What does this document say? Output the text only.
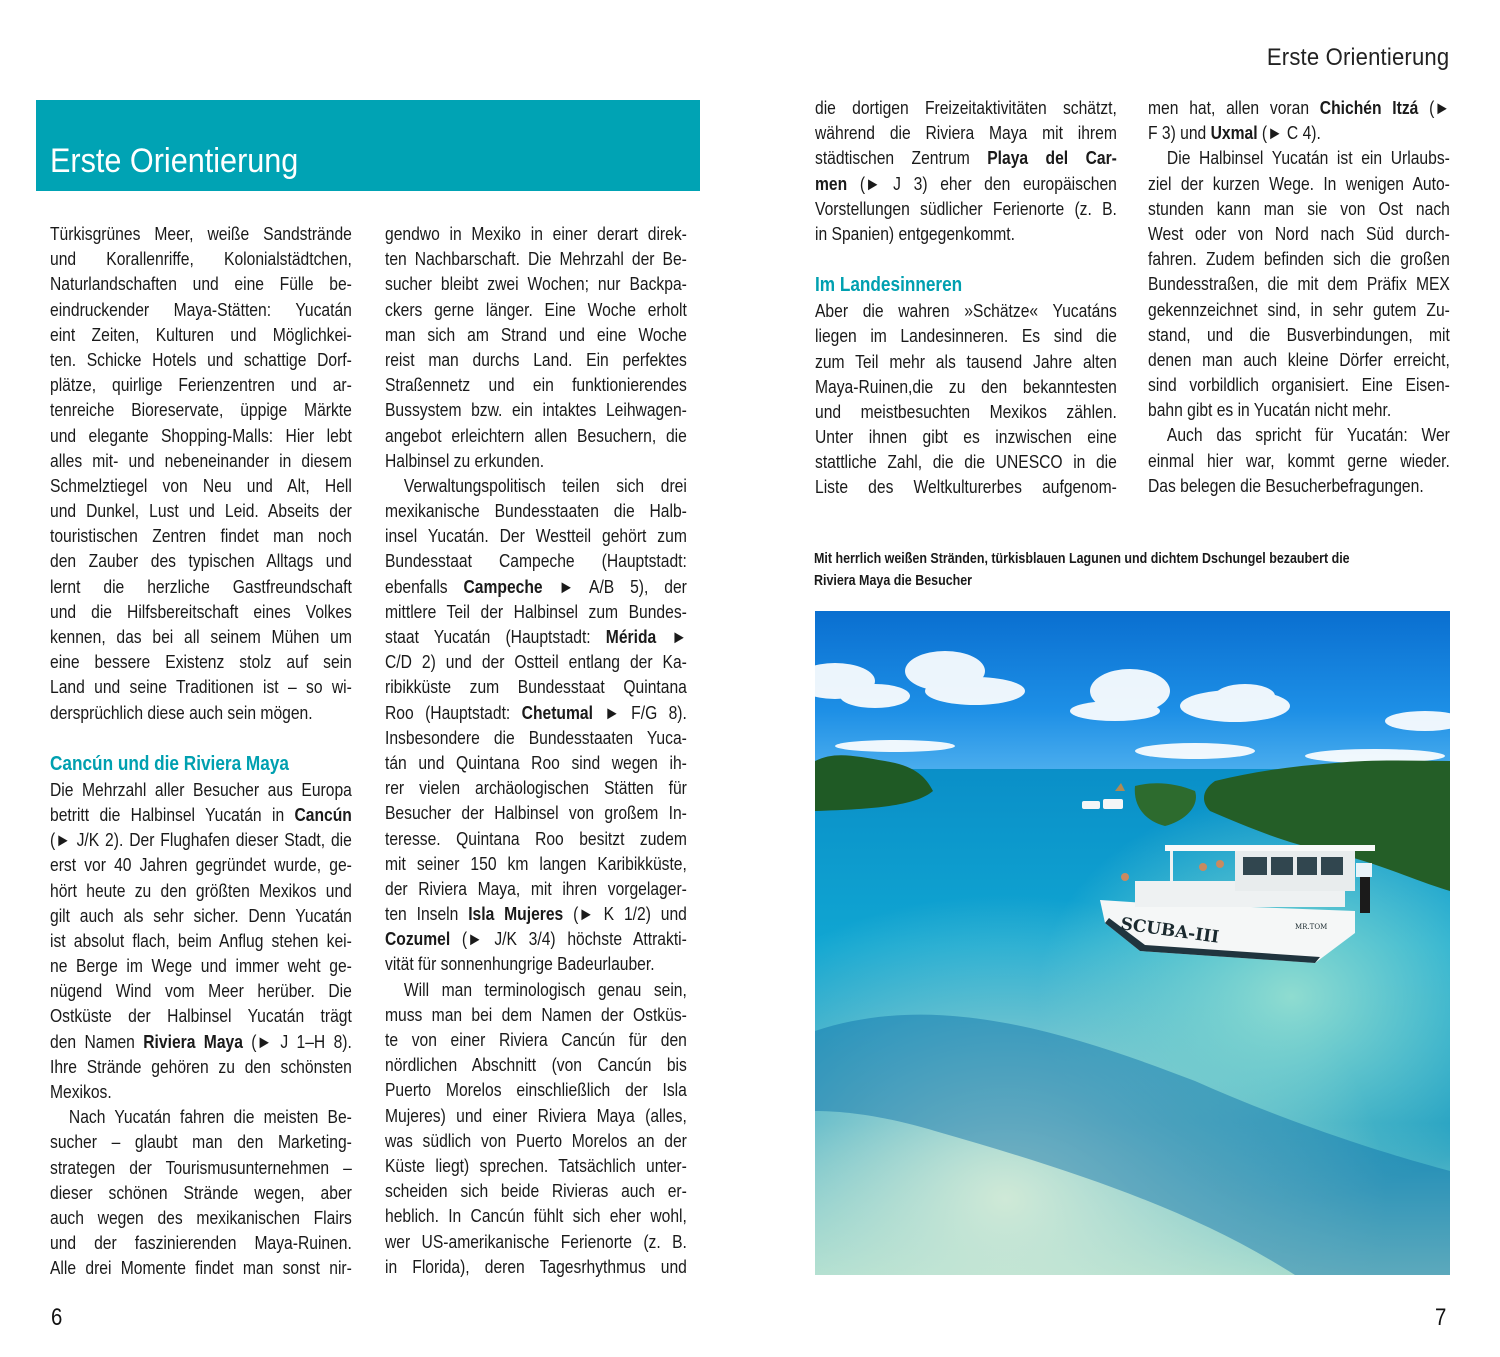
Erste Orientierung
Erste Orientierung
Türkisgrünes Meer, weiße Sandstrände
und Korallenriffe, Kolonialstädtchen,
Naturlandschaften und eine Fülle be-
eindruckender Maya-Stätten: Yucatán
eint Zeiten, Kulturen und Möglichkei-
ten. Schicke Hotels und schattige Dorf-
plätze, quirlige Ferienzentren und ar-
tenreiche Bioreservate, üppige Märkte
und elegante Shopping-Malls: Hier lebt
alles mit- und nebeneinander in diesem
Schmelztiegel von Neu und Alt, Hell
und Dunkel, Lust und Leid. Abseits der
touristischen Zentren findet man noch
den Zauber des typischen Alltags und
lernt die herzliche Gastfreundschaft
und die Hilfsbereitschaft eines Volkes
kennen, das bei all seinem Mühen um
eine bessere Existenz stolz auf sein
Land und seine Traditionen ist – so wi-
dersprüchlich diese auch sein mögen.
Cancún und die Riviera Maya
Die Mehrzahl aller Besucher aus Europa
betritt die Halbinsel Yucatán in Cancún
(► J/K 2). Der Flughafen dieser Stadt, die
erst vor 40 Jahren gegründet wurde, ge-
hört heute zu den größten Mexikos und
gilt auch als sehr sicher. Denn Yucatán
ist absolut flach, beim Anflug stehen kei-
ne Berge im Wege und immer weht ge-
nügend Wind vom Meer herüber. Die
Ostküste der Halbinsel Yucatán trägt
den Namen Riviera Maya (► J 1–H 8).
Ihre Strände gehören zu den schönsten
Mexikos.
Nach Yucatán fahren die meisten Be-
sucher – glaubt man den Marketing-
strategen der Tourismusunternehmen –
dieser schönen Strände wegen, aber
auch wegen des mexikanischen Flairs
und der faszinierenden Maya-Ruinen.
Alle drei Momente findet man sonst nir-
gendwo in Mexiko in einer derart direk-
ten Nachbarschaft. Die Mehrzahl der Be-
sucher bleibt zwei Wochen; nur Backpa-
ckers gerne länger. Eine Woche erholt
man sich am Strand und eine Woche
reist man durchs Land. Ein perfektes
Straßennetz und ein funktionierendes
Bussystem bzw. ein intaktes Leihwagen-
angebot erleichtern allen Besuchern, die
Halbinsel zu erkunden.
Verwaltungspolitisch teilen sich drei
mexikanische Bundesstaaten die Halb-
insel Yucatán. Der Westteil gehört zum
Bundesstaat Campeche (Hauptstadt:
ebenfalls Campeche ► A/B 5), der
mittlere Teil der Halbinsel zum Bundes-
staat Yucatán (Hauptstadt: Mérida ►
C/D 2) und der Ostteil entlang der Ka-
ribikküste zum Bundesstaat Quintana
Roo (Hauptstadt: Chetumal ► F/G 8).
Insbesondere die Bundesstaaten Yuca-
tán und Quintana Roo sind wegen ih-
rer vielen archäologischen Stätten für
Besucher der Halbinsel von großem In-
teresse. Quintana Roo besitzt zudem
mit seiner 150 km langen Karibikküste,
der Riviera Maya, mit ihren vorgelager-
ten Inseln Isla Mujeres (► K 1/2) und
Cozumel (► J/K 3/4) höchste Attrakti-
vität für sonnenhungrige Badeurlauber.
Will man terminologisch genau sein,
muss man bei dem Namen der Ostküs-
te von einer Riviera Cancún für den
nördlichen Abschnitt (von Cancún bis
Puerto Morelos einschließlich der Isla
Mujeres) und einer Riviera Maya (alles,
was südlich von Puerto Morelos an der
Küste liegt) sprechen. Tatsächlich unter-
scheiden sich beide Rivieras auch er-
heblich. In Cancún fühlt sich eher wohl,
wer US-amerikanische Ferienorte (z. B.
in Florida), deren Tagesrhythmus und
die dortigen Freizeitaktivitäten schätzt,
während die Riviera Maya mit ihrem
städtischen Zentrum Playa del Car-
men (► J 3) eher den europäischen
Vorstellungen südlicher Ferienorte (z. B.
in Spanien) entgegenkommt.
Im Landesinneren
Aber die wahren »Schätze« Yucatáns
liegen im Landesinneren. Es sind die
zum Teil mehr als tausend Jahre alten
Maya-Ruinen,die zu den bekanntesten
und meistbesuchten Mexikos zählen.
Unter ihnen gibt es inzwischen eine
stattliche Zahl, die die UNESCO in die
Liste des Weltkulturerbes aufgenom-
men hat, allen voran Chichén Itzá (►
F 3) und Uxmal (► C 4).
Die Halbinsel Yucatán ist ein Urlaubs-
ziel der kurzen Wege. In wenigen Auto-
stunden kann man sie von Ost nach
West oder von Nord nach Süd durch-
fahren. Zudem befinden sich die großen
Bundesstraßen, die mit dem Präfix MEX
gekennzeichnet sind, in sehr gutem Zu-
stand, und die Busverbindungen, mit
denen man auch kleine Dörfer erreicht,
sind vorbildlich organisiert. Eine Eisen-
bahn gibt es in Yucatán nicht mehr.
Auch das spricht für Yucatán: Wer
einmal hier war, kommt gerne wieder.
Das belegen die Besucherbefragungen.
Mit herrlich weißen Stränden, türkisblauen Lagunen und dichtem Dschungel bezaubert die
Riviera Maya die Besucher
SCUBA-III	MR.TOM
6	7
